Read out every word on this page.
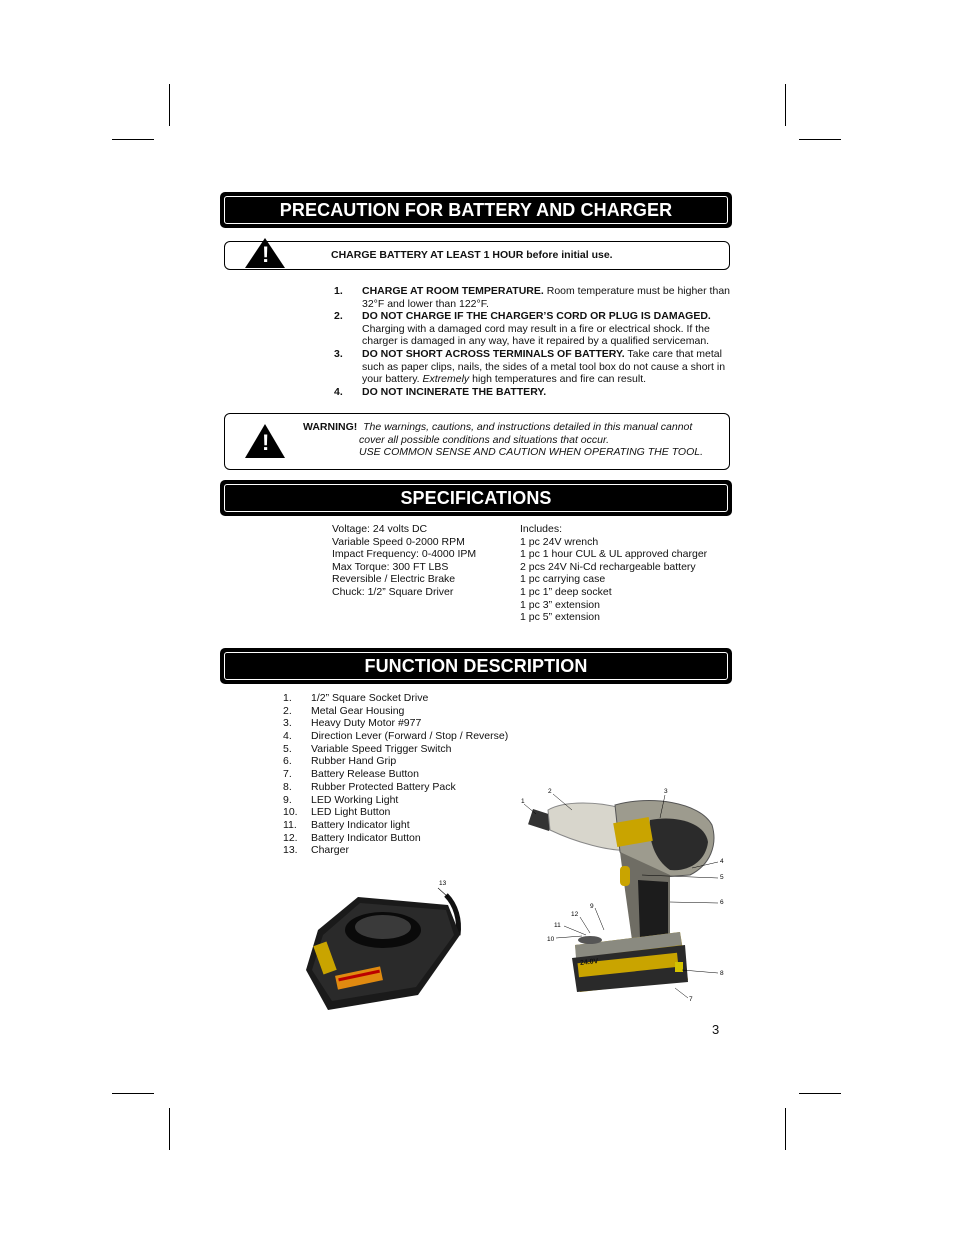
PRECAUTION FOR BATTERY AND CHARGER
!	CHARGE BATTERY AT LEAST 1 HOUR before initial use.
1. CHARGE AT ROOM TEMPERATURE. Room temperature must be higher than 32°F and lower than 122°F.
2. DO NOT CHARGE IF THE CHARGER’S CORD OR PLUG IS DAMAGED. Charging with a damaged cord may result in a fire or electrical shock. If the charger is damaged in any way, have it repaired by a qualified serviceman.
3. DO NOT SHORT ACROSS TERMINALS OF BATTERY. Take care that metal such as paper clips, nails, the sides of a metal tool box do not cause a short in your battery. Extremely high temperatures and fire can result.
4. DO NOT INCINERATE THE BATTERY.
!
WARNING! The warnings, cautions, and instructions detailed in this manual cannot
cover all possible conditions and situations that occur.
USE COMMON SENSE AND CAUTION WHEN OPERATING THE TOOL.
SPECIFICATIONS
Voltage: 24 volts DC
Variable Speed 0-2000 RPM
Impact Frequency: 0-4000 IPM
Max Torque: 300 FT LBS
Reversible / Electric Brake
Chuck: 1/2” Square Driver
Includes:
1 pc 24V wrench
1 pc 1 hour CUL & UL approved charger
2 pcs 24V Ni-Cd rechargeable battery
1 pc carrying case
1 pc 1” deep socket
1 pc 3” extension
1 pc 5” extension
FUNCTION DESCRIPTION
1. 1/2” Square Socket Drive
2. Metal Gear Housing
3. Heavy Duty Motor #977
4. Direction Lever (Forward / Stop / Reverse)
5. Variable Speed Trigger Switch
6. Rubber Hand Grip
7. Battery Release Button
8. Rubber Protected Battery Pack
9. LED Working Light
10. LED Light Button
11. Battery Indicator light
12. Battery Indicator Button
13. Charger
13
24.0V
1
2	3
4
5
6
7
8
9
10
11
12
3
